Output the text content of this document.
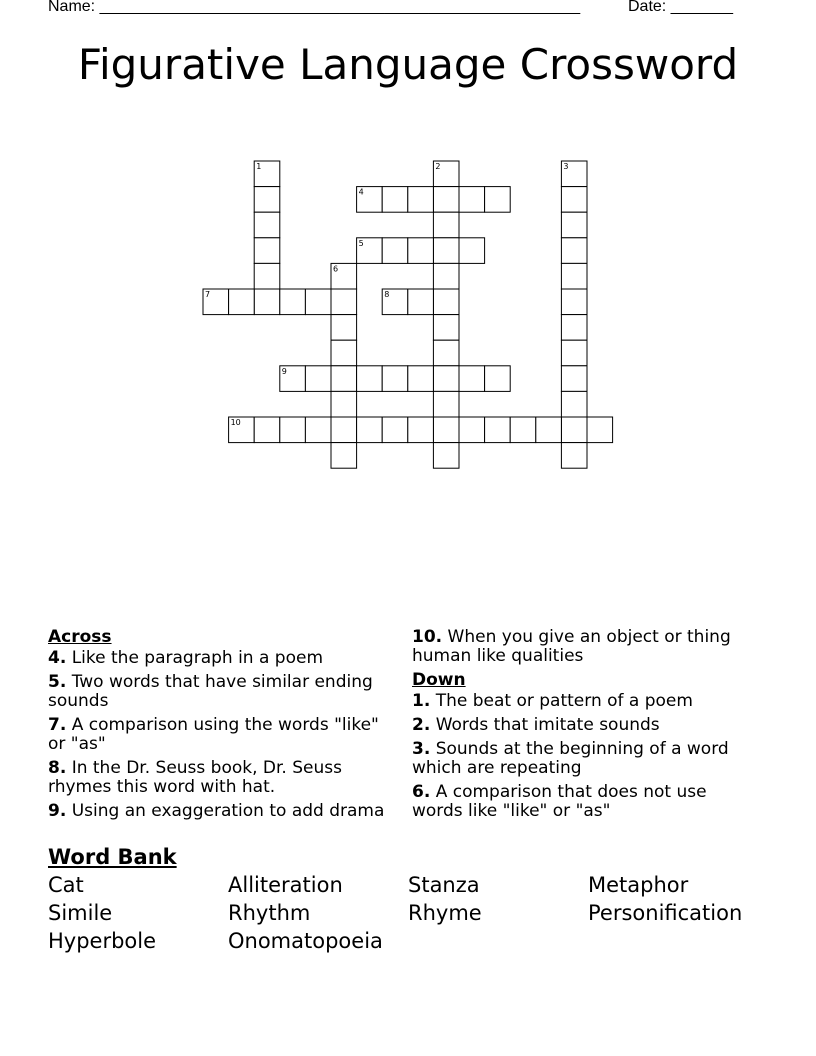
Name: ______________________________________________________	Date: _______
Figurative Language Crossword
1	2	3
4
5
6
7	8
9
10
Across
4. Like the paragraph in a poem
5. Two words that have similar ending sounds
7. A comparison using the words "like" or "as"
8. In the Dr. Seuss book, Dr. Seuss rhymes this word with hat.
9. Using an exaggeration to add drama
10. When you give an object or thing human like qualities
Down
1. The beat or pattern of a poem
2. Words that imitate sounds
3. Sounds at the beginning of a word which are repeating
6. A comparison that does not use words like "like" or "as"
Word Bank
Cat	Alliteration	Stanza	Metaphor
Simile	Rhythm	Rhyme	Personification
Hyperbole	Onomatopoeia
